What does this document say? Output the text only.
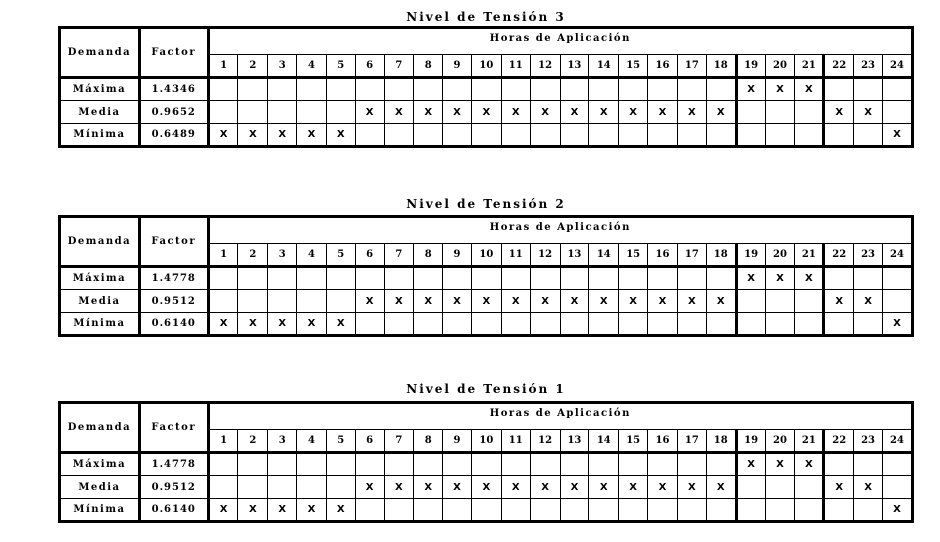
Nivel de Tensión 3
Demanda	Factor	Horas de Aplicación																							
		1	2	3	4	5	6	7	8	9	10	11	12	13	14	15	16	17	18	19	20	21	22	23	24
Máxima	1.4346																			X	X	X			
Media	0.9652						X	X	X	X	X	X	X	X	X	X	X	X	X				X	X	
Mínima	0.6489	X	X	X	X	X																			X
Nivel de Tensión 2
Demanda	Factor	Horas de Aplicación																							
		1	2	3	4	5	6	7	8	9	10	11	12	13	14	15	16	17	18	19	20	21	22	23	24
Máxima	1.4778																			X	X	X			
Media	0.9512						X	X	X	X	X	X	X	X	X	X	X	X	X				X	X	
Mínima	0.6140	X	X	X	X	X																			X
Nivel de Tensión 1
Demanda	Factor	Horas de Aplicación																							
		1	2	3	4	5	6	7	8	9	10	11	12	13	14	15	16	17	18	19	20	21	22	23	24
Máxima	1.4778																			X	X	X			
Media	0.9512						X	X	X	X	X	X	X	X	X	X	X	X	X				X	X	
Mínima	0.6140	X	X	X	X	X																			X
